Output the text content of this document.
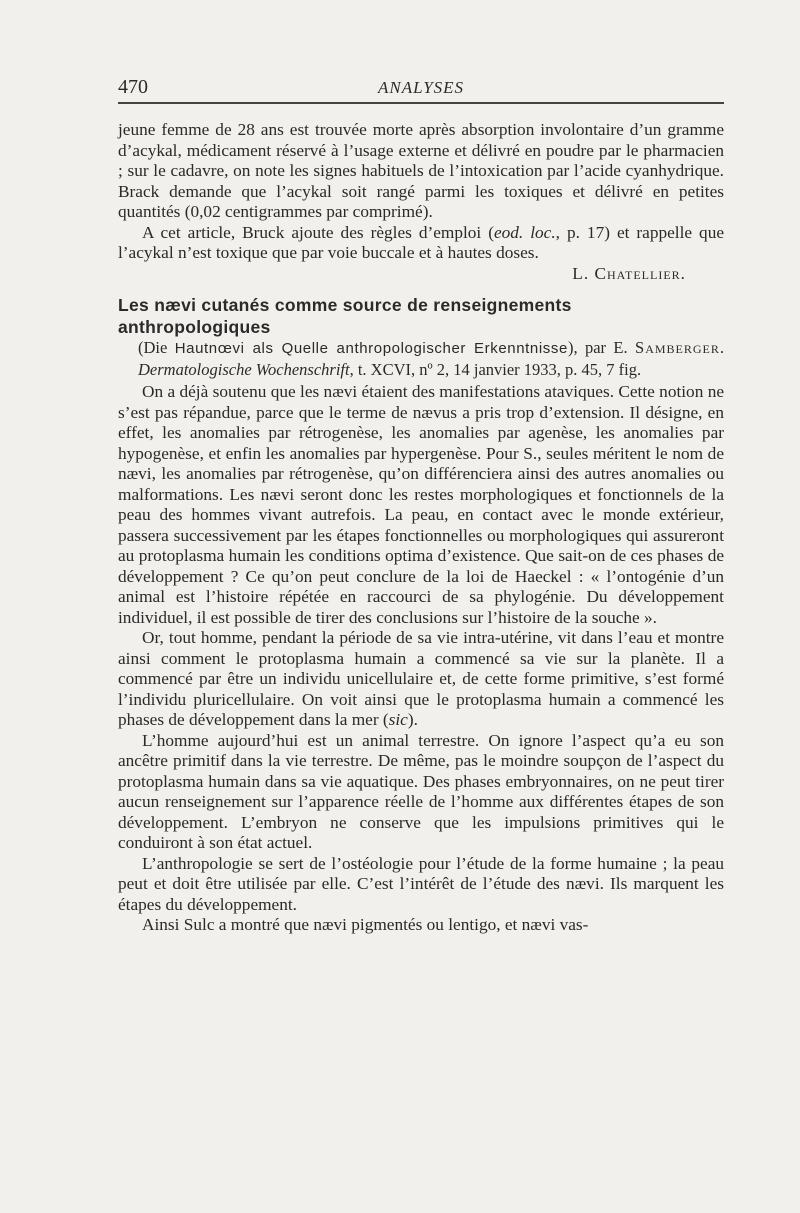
470	ANALYSES

jeune femme de 28 ans est trouvée morte après absorption involontaire d’un gramme d’acykal, médicament réservé à l’usage externe et délivré en poudre par le pharmacien ; sur le cadavre, on note les signes habituels de l’intoxication par l’acide cyanhydrique. Brack demande que l’acykal soit rangé parmi les toxiques et délivré en petites quantités (0,02 centigrammes par comprimé).

A cet article, Bruck ajoute des règles d’emploi (eod. loc., p. 17) et rappelle que l’acykal n’est toxique que par voie buccale et à hautes doses.

L. Chatellier.

Les nævi cutanés comme source de renseignements anthropologiques

(Die Hautnœvi als Quelle anthropologischer Erkenntnisse), par E. Samberger. Dermatologische Wochenschrift, t. XCVI, nº 2, 14 janvier 1933, p. 45, 7 fig.

On a déjà soutenu que les nævi étaient des manifestations ataviques. Cette notion ne s’est pas répandue, parce que le terme de nævus a pris trop d’extension. Il désigne, en effet, les anomalies par rétrogenèse, les anomalies par agenèse, les anomalies par hypogenèse, et enfin les anomalies par hypergenèse. Pour S., seules méritent le nom de nævi, les anomalies par rétrogenèse, qu’on différenciera ainsi des autres anomalies ou malformations. Les nævi seront donc les restes morphologiques et fonctionnels de la peau des hommes vivant autrefois. La peau, en contact avec le monde extérieur, passera successivement par les étapes fonctionnelles ou morphologiques qui assureront au protoplasma humain les conditions optima d’existence. Que sait-on de ces phases de développement ? Ce qu’on peut conclure de la loi de Haeckel : « l’ontogénie d’un animal est l’histoire répétée en raccourci de sa phylogénie. Du développement individuel, il est possible de tirer des conclusions sur l’histoire de la souche ».

Or, tout homme, pendant la période de sa vie intra-utérine, vit dans l’eau et montre ainsi comment le protoplasma humain a commencé sa vie sur la planète. Il a commencé par être un individu unicellulaire et, de cette forme primitive, s’est formé l’individu pluricellulaire. On voit ainsi que le protoplasma humain a commencé les phases de développement dans la mer (sic).

L’homme aujourd’hui est un animal terrestre. On ignore l’aspect qu’a eu son ancêtre primitif dans la vie terrestre. De même, pas le moindre soupçon de l’aspect du protoplasma humain dans sa vie aquatique. Des phases embryonnaires, on ne peut tirer aucun renseignement sur l’apparence réelle de l’homme aux différentes étapes de son développement. L’embryon ne conserve que les impulsions primitives qui le conduiront à son état actuel.

L’anthropologie se sert de l’ostéologie pour l’étude de la forme humaine ; la peau peut et doit être utilisée par elle. C’est l’intérêt de l’étude des nævi. Ils marquent les étapes du développement.

Ainsi Sulc a montré que nævi pigmentés ou lentigo, et nævi vas-
